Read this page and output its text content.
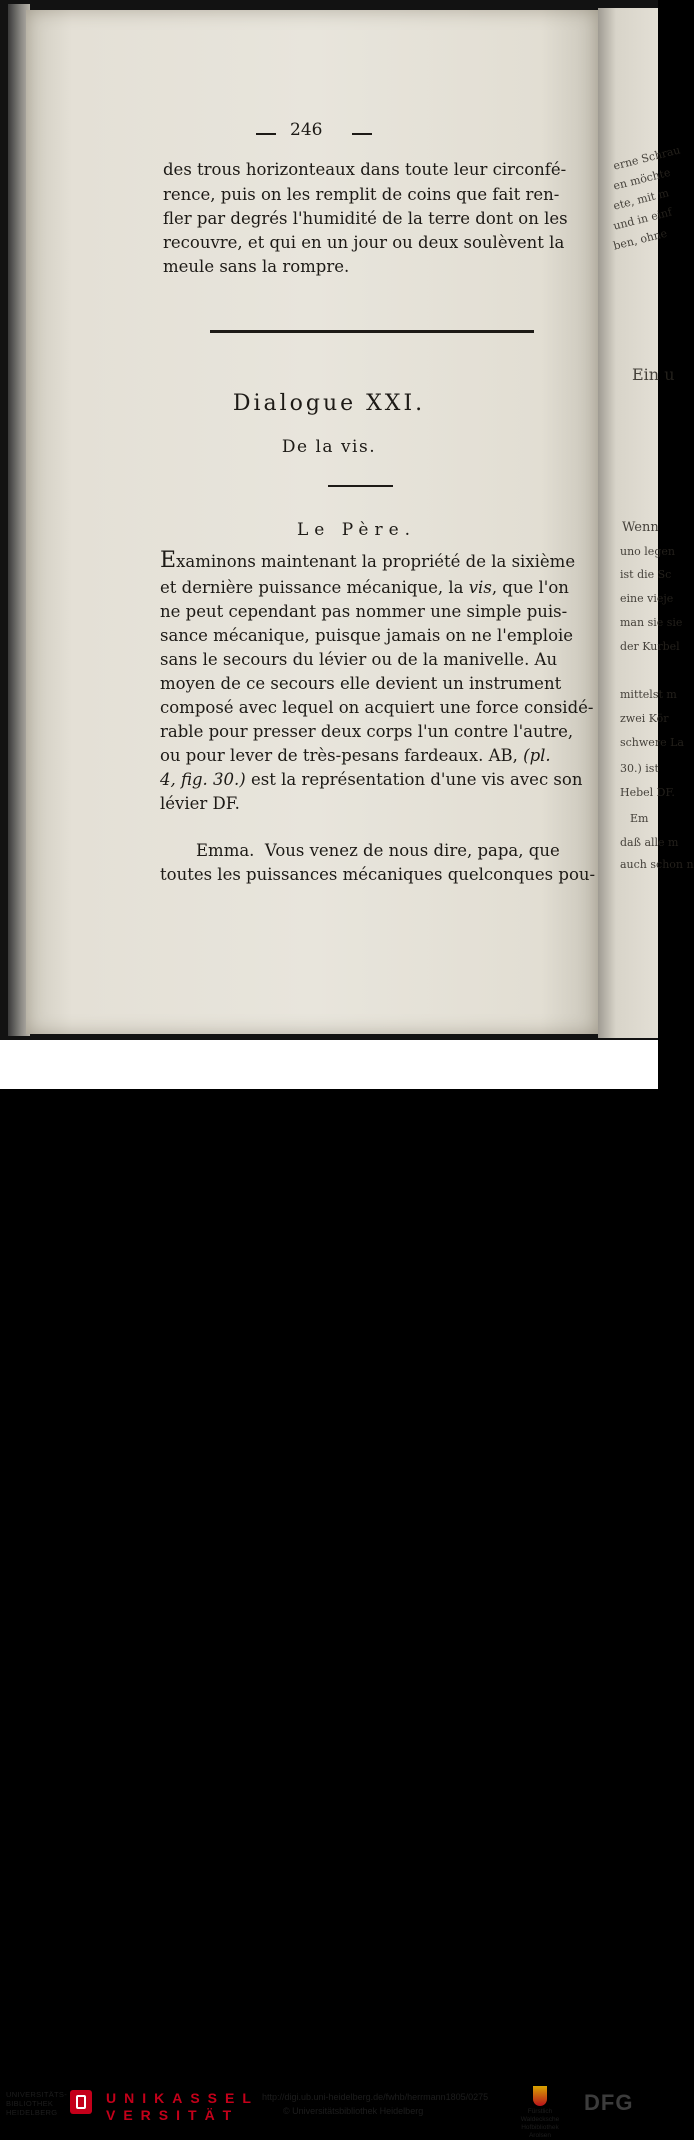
erne Schrau
en möchte
ete, mit m
und in einf
ben, ohne
Ein u
Wenn
uno legen
ist die Sc
eine vieje
man sie sie
der Kurbel
mittelst m
zwei Kör
schwere La
30.) ist
Hebel DF.
Em
daß alle m
auch schon n
246
des trous horizonteaux dans toute leur circonfé-
rence, puis on les remplit de coins que fait ren-
fler par degrés l'humidité de la terre dont on les
recouvre, et qui en un jour ou deux soulèvent la
meule sans la rompre.
Dialogue XXI.
De la vis.
Le Père.
Examinons maintenant la propriété de la sixième
et dernière puissance mécanique, la vis, que l'on
ne peut cependant pas nommer une simple puis-
sance mécanique, puisque jamais on ne l'emploie
sans le secours du lévier ou de la manivelle. Au
moyen de ce secours elle devient un instrument
composé avec lequel on acquiert une force considé-
rable pour presser deux corps l'un contre l'autre,
ou pour lever de très-pesans fardeaux. AB, (pl.
4, fig. 30.) est la représentation d'une vis avec son
lévier DF.
Emma. Vous venez de nous dire, papa, que
toutes les puissances mécaniques quelconques pou-
UNIVERSITÄTS-
BIBLIOTHEK
HEIDELBERG
UNIKASSEL
VERSITÄT
http://digi.ub.uni-heidelberg.de/fwhb/herrmann1805/0275
© Universitätsbibliothek Heidelberg	Fürstlich Waldecksche
Hofbibliothek Arolsen
DFG
